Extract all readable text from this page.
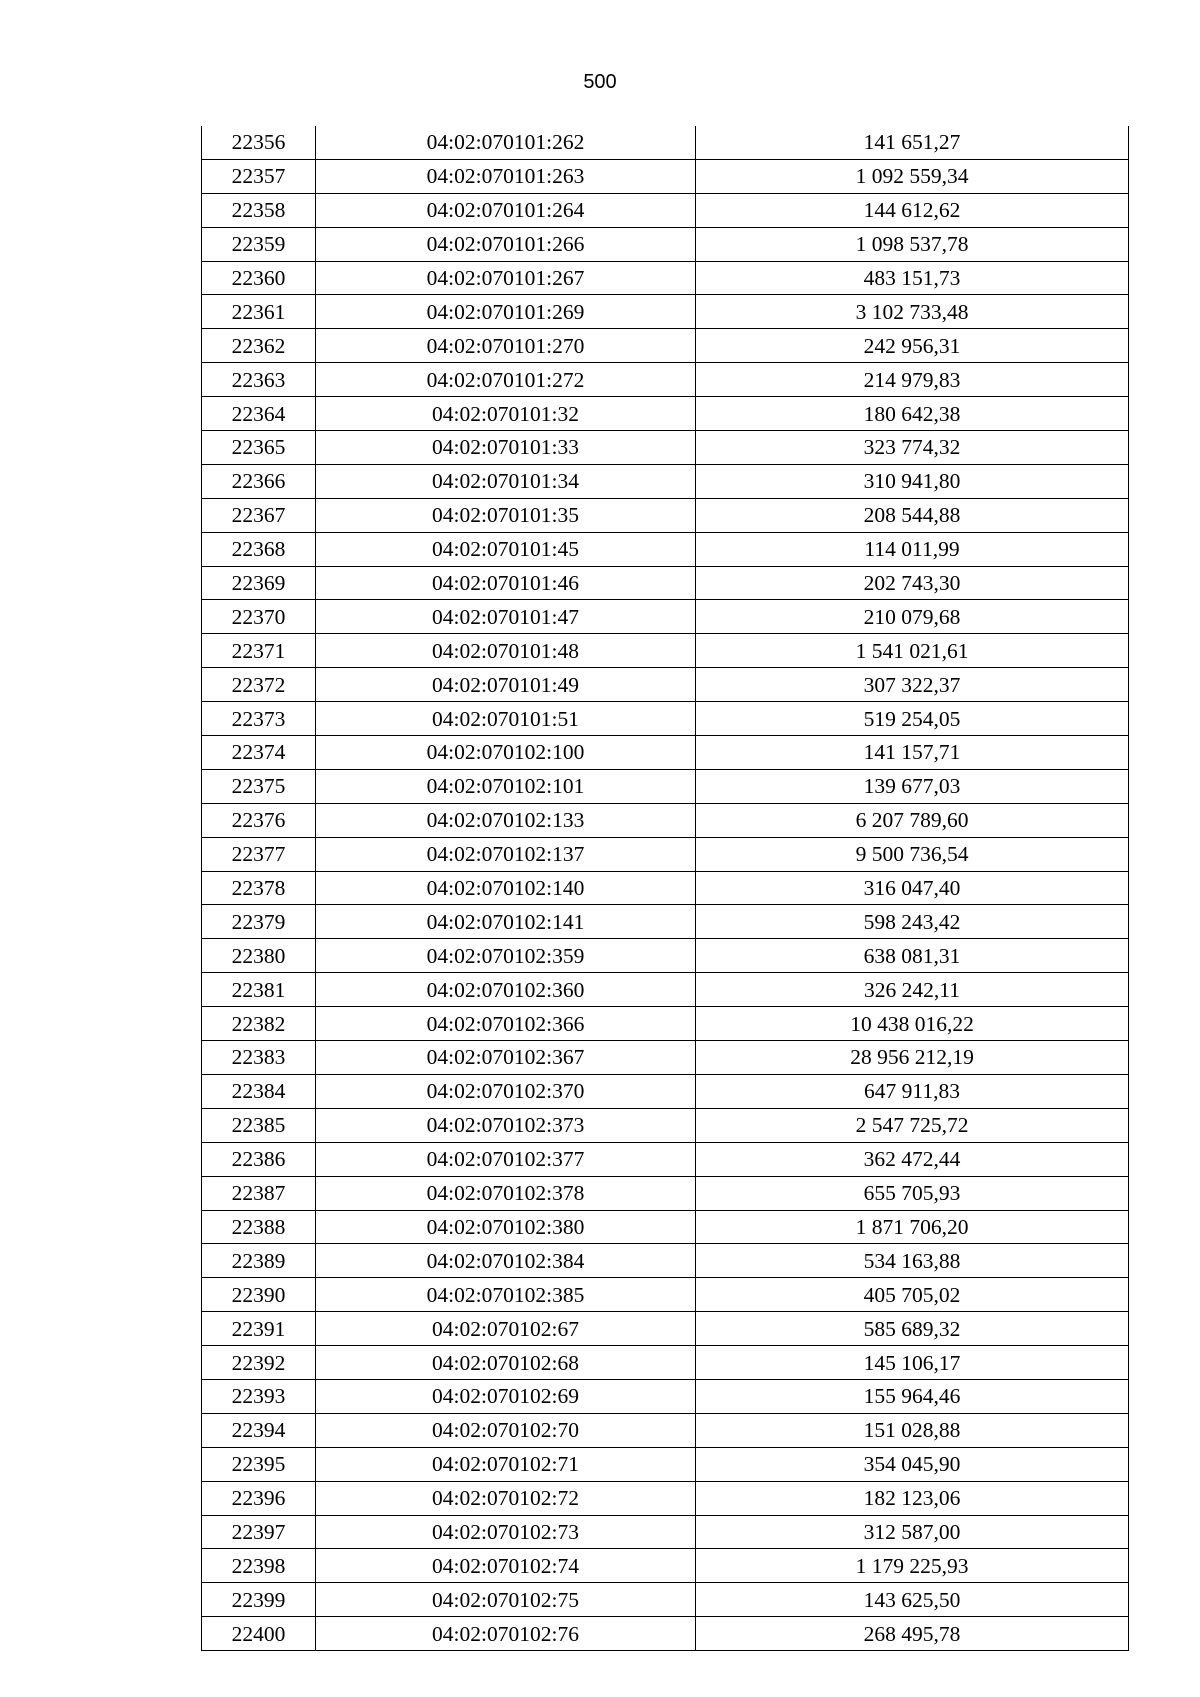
500
22356	04:02:070101:262	141 651,27
22357	04:02:070101:263	1 092 559,34
22358	04:02:070101:264	144 612,62
22359	04:02:070101:266	1 098 537,78
22360	04:02:070101:267	483 151,73
22361	04:02:070101:269	3 102 733,48
22362	04:02:070101:270	242 956,31
22363	04:02:070101:272	214 979,83
22364	04:02:070101:32	180 642,38
22365	04:02:070101:33	323 774,32
22366	04:02:070101:34	310 941,80
22367	04:02:070101:35	208 544,88
22368	04:02:070101:45	114 011,99
22369	04:02:070101:46	202 743,30
22370	04:02:070101:47	210 079,68
22371	04:02:070101:48	1 541 021,61
22372	04:02:070101:49	307 322,37
22373	04:02:070101:51	519 254,05
22374	04:02:070102:100	141 157,71
22375	04:02:070102:101	139 677,03
22376	04:02:070102:133	6 207 789,60
22377	04:02:070102:137	9 500 736,54
22378	04:02:070102:140	316 047,40
22379	04:02:070102:141	598 243,42
22380	04:02:070102:359	638 081,31
22381	04:02:070102:360	326 242,11
22382	04:02:070102:366	10 438 016,22
22383	04:02:070102:367	28 956 212,19
22384	04:02:070102:370	647 911,83
22385	04:02:070102:373	2 547 725,72
22386	04:02:070102:377	362 472,44
22387	04:02:070102:378	655 705,93
22388	04:02:070102:380	1 871 706,20
22389	04:02:070102:384	534 163,88
22390	04:02:070102:385	405 705,02
22391	04:02:070102:67	585 689,32
22392	04:02:070102:68	145 106,17
22393	04:02:070102:69	155 964,46
22394	04:02:070102:70	151 028,88
22395	04:02:070102:71	354 045,90
22396	04:02:070102:72	182 123,06
22397	04:02:070102:73	312 587,00
22398	04:02:070102:74	1 179 225,93
22399	04:02:070102:75	143 625,50
22400	04:02:070102:76	268 495,78
